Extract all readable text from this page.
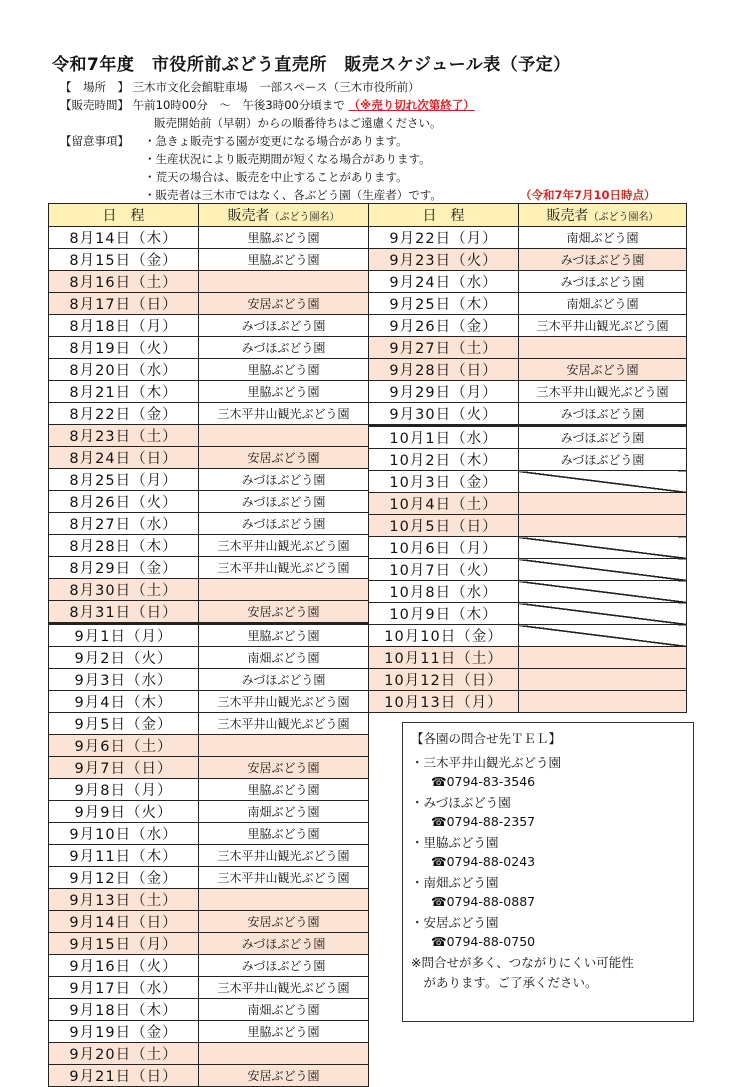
令和7年度　市役所前ぶどう直売所　販売スケジュール表（予定）
【　場所　】 三木市文化会館駐車場　一部スペース（三木市役所前）
【販売時間】 午前10時00分　～　午後3時00分頃まで （※売り切れ次第終了）
販売開始前（早朝）からの順番待ちはご遠慮ください。
【留意事項】 ・急きょ販売する園が変更になる場合があります。
・生産状況により販売期間が短くなる場合があります。
・荒天の場合は、販売を中止することがあります。
・販売者は三木市ではなく、各ぶどう園（生産者）です。	（令和7年7月10日時点）
日　程	販売者（ぶどう園名）
8月14日（木）	里脇ぶどう園
8月15日（金）	里脇ぶどう園
8月16日（土）	
8月17日（日）	安居ぶどう園
8月18日（月）	みづほぶどう園
8月19日（火）	みづほぶどう園
8月20日（水）	里脇ぶどう園
8月21日（木）	里脇ぶどう園
8月22日（金）	三木平井山観光ぶどう園
8月23日（土）	
8月24日（日）	安居ぶどう園
8月25日（月）	みづほぶどう園
8月26日（火）	みづほぶどう園
8月27日（水）	みづほぶどう園
8月28日（木）	三木平井山観光ぶどう園
8月29日（金）	三木平井山観光ぶどう園
8月30日（土）	
8月31日（日）	安居ぶどう園
9月1日（月）	里脇ぶどう園
9月2日（火）	南畑ぶどう園
9月3日（水）	みづほぶどう園
9月4日（木）	三木平井山観光ぶどう園
9月5日（金）	三木平井山観光ぶどう園
9月6日（土）	
9月7日（日）	安居ぶどう園
9月8日（月）	里脇ぶどう園
9月9日（火）	南畑ぶどう園
9月10日（水）	里脇ぶどう園
9月11日（木）	三木平井山観光ぶどう園
9月12日（金）	三木平井山観光ぶどう園
9月13日（土）	
9月14日（日）	安居ぶどう園
9月15日（月）	みづほぶどう園
9月16日（火）	みづほぶどう園
9月17日（水）	三木平井山観光ぶどう園
9月18日（木）	南畑ぶどう園
9月19日（金）	里脇ぶどう園
9月20日（土）	
9月21日（日）	安居ぶどう園
日　程	販売者（ぶどう園名）
9月22日（月）	南畑ぶどう園
9月23日（火）	みづほぶどう園
9月24日（水）	みづほぶどう園
9月25日（木）	南畑ぶどう園
9月26日（金）	三木平井山観光ぶどう園
9月27日（土）	
9月28日（日）	安居ぶどう園
9月29日（月）	三木平井山観光ぶどう園
9月30日（火）	みづほぶどう園
10月1日（水）	みづほぶどう園
10月2日（木）	みづほぶどう園
10月3日（金）	
10月4日（土）	
10月5日（日）	
10月6日（月）	
10月7日（火）	
10月8日（水）	
10月9日（木）	
10月10日（金）	
10月11日（土）	
10月12日（日）	
10月13日（月）	
【各園の問合せ先ＴＥＬ】
・三木平井山観光ぶどう園
☎0794-83-3546
・みづほぶどう園
☎0794-88-2357
・里脇ぶどう園
☎0794-88-0243
・南畑ぶどう園
☎0794-88-0887
・安居ぶどう園
☎0794-88-0750
※問合せが多く、つながりにくい可能性
　があります。ご了承ください。
